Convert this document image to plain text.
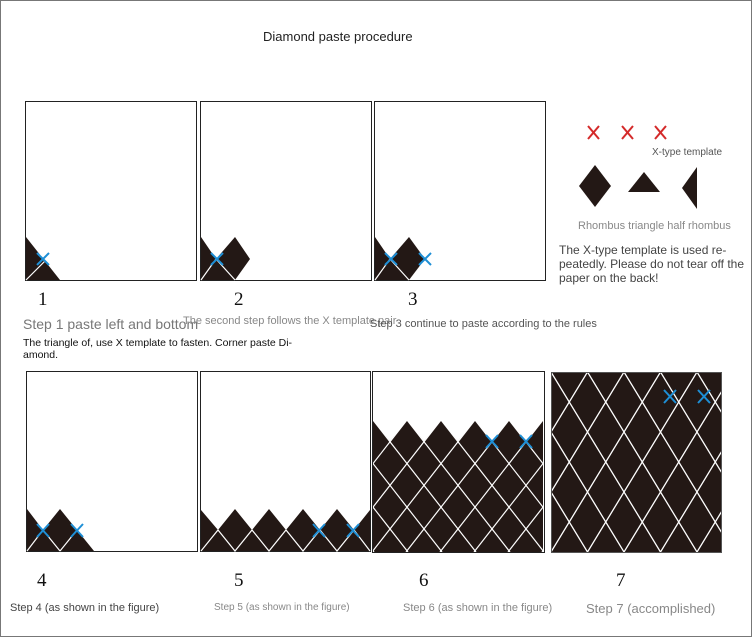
Diamond paste procedure
1	2	3
Step 1 paste left and bottom
The second step follows the X template pair
Step 3 continue to paste according to the rules
The triangle of, use X template to fasten. Corner paste Di- amond.
X-type template
Rhombus triangle half rhombus
The X-type template is used re- peatedly. Please do not tear off the paper on the back!
4	5	6	7
Step 4 (as shown in the figure)	Step 5 (as shown in the figure)	Step 6 (as shown in the figure)	Step 7 (accomplished)
